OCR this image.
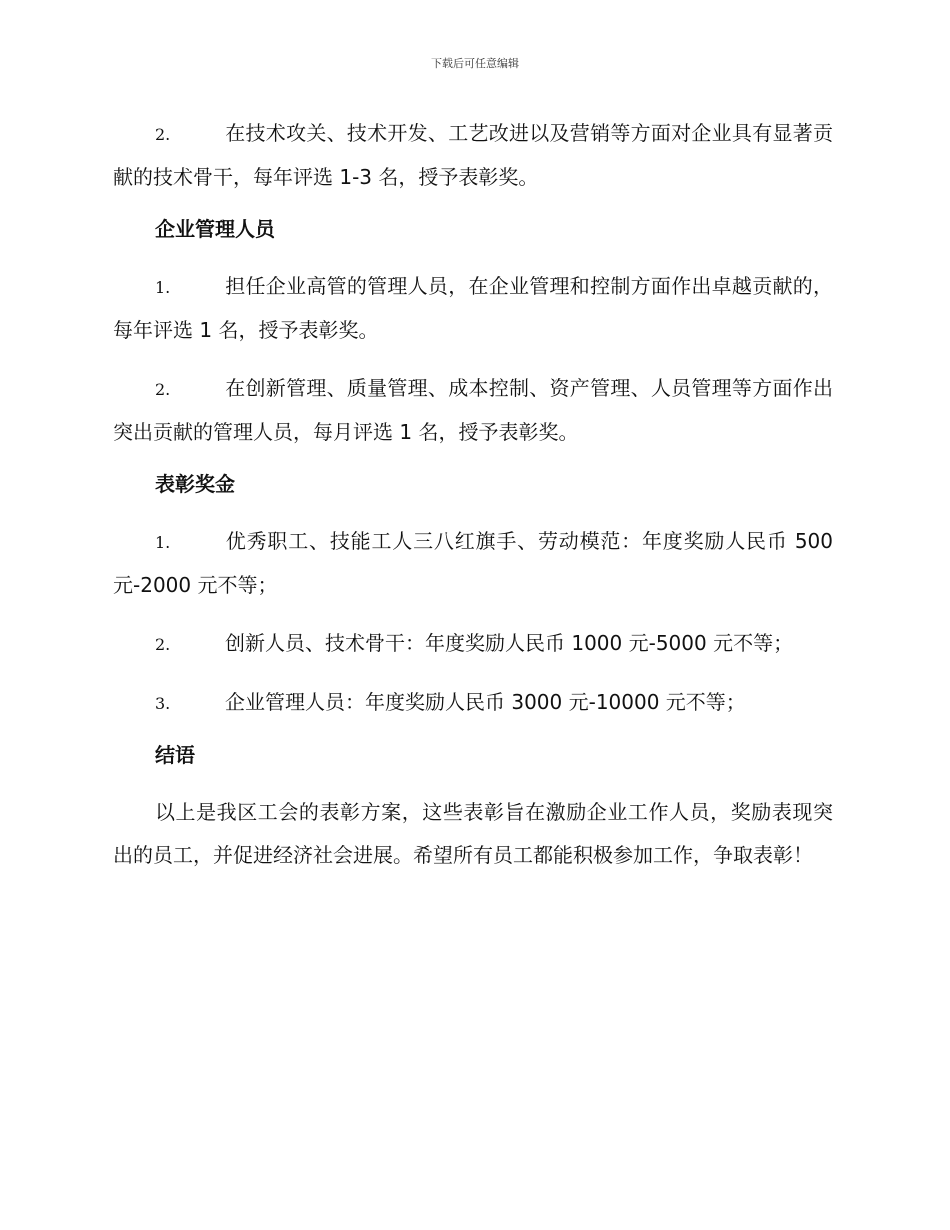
下载后可任意编辑

2.	在技术攻关、技术开发、工艺改进以及营销等方面对企业具有显著贡献的技术骨干，每年评选 1-3 名，授予表彰奖。

企业管理人员

1.	担任企业高管的管理人员，在企业管理和控制方面作出卓越贡献的，每年评选 1 名，授予表彰奖。

2.	在创新管理、质量管理、成本控制、资产管理、人员管理等方面作出突出贡献的管理人员，每月评选 1 名，授予表彰奖。

表彰奖金

1.	优秀职工、技能工人三八红旗手、劳动模范：年度奖励人民币 500 元-2000 元不等；

2.	创新人员、技术骨干：年度奖励人民币 1000 元-5000 元不等；

3.	企业管理人员：年度奖励人民币 3000 元-10000 元不等；

结语

以上是我区工会的表彰方案，这些表彰旨在激励企业工作人员，奖励表现突出的员工，并促进经济社会进展。希望所有员工都能积极参加工作，争取表彰！
